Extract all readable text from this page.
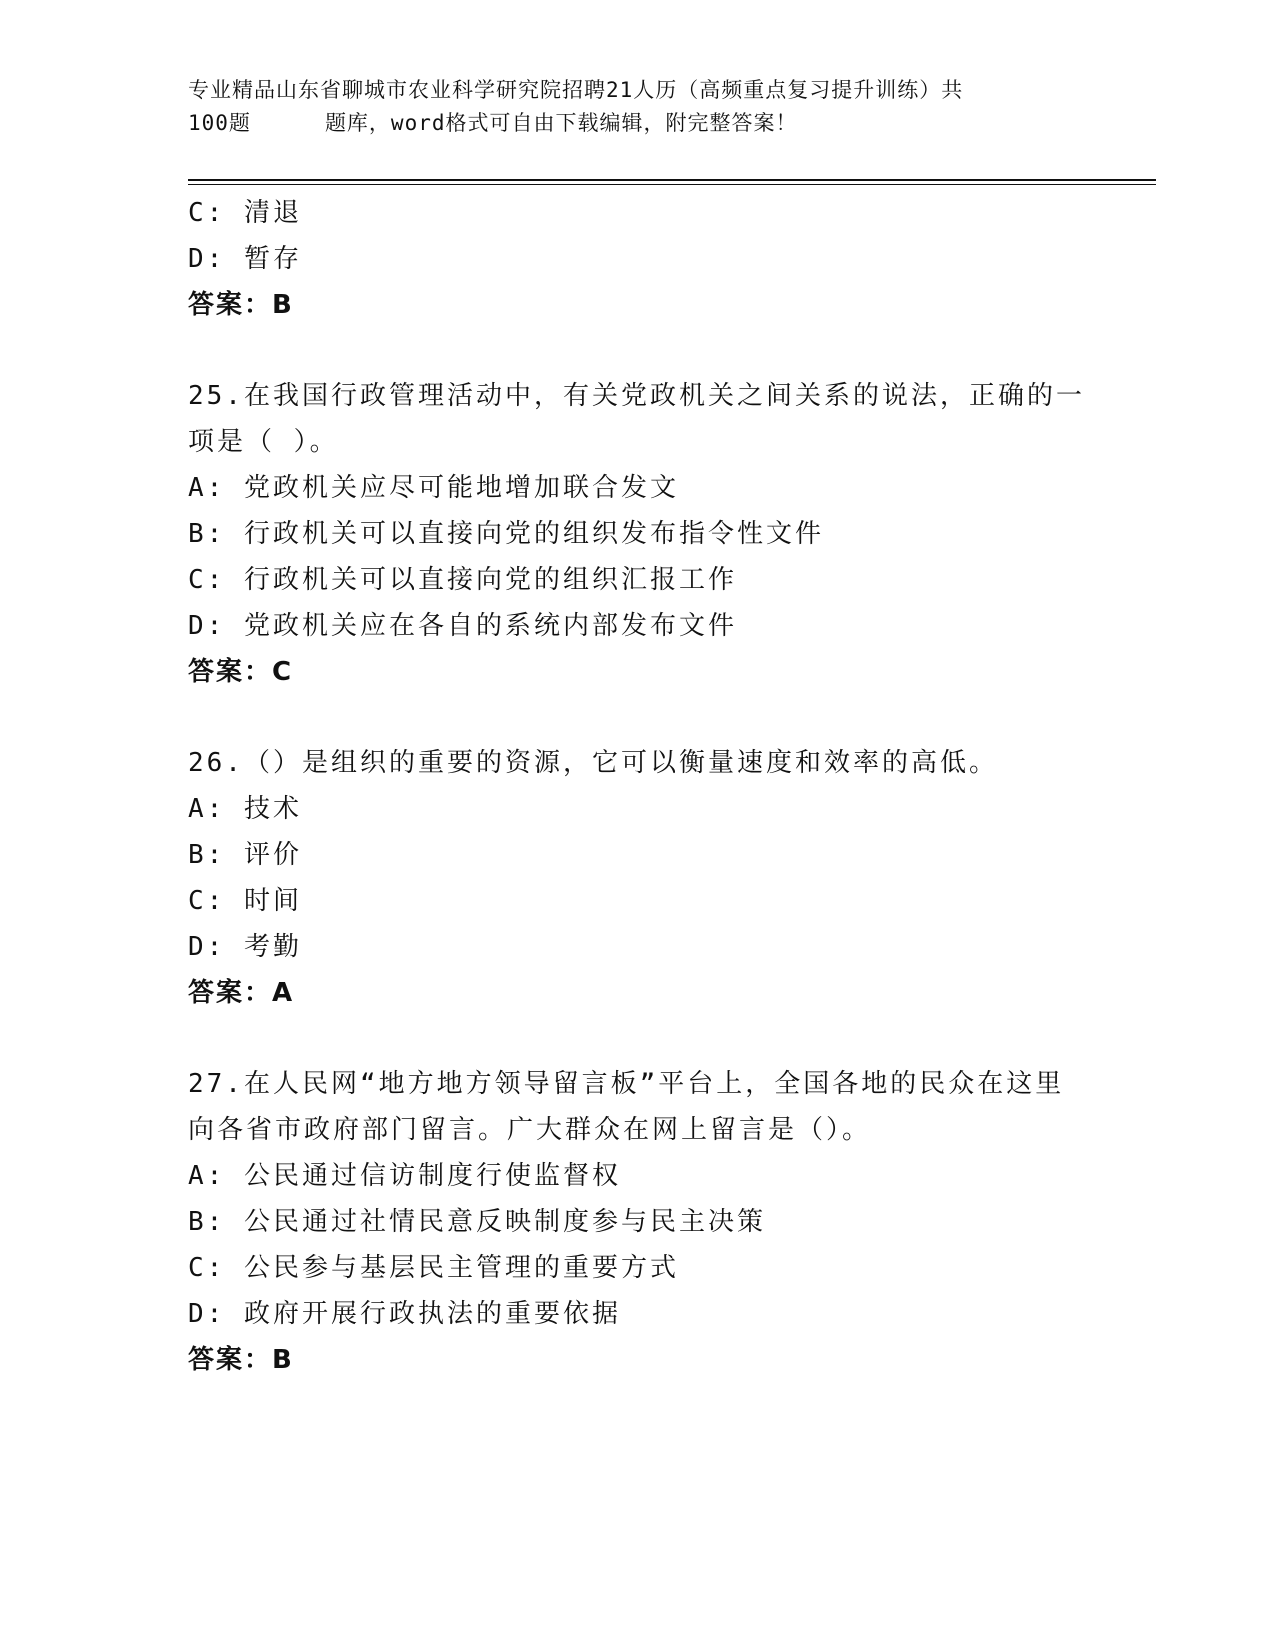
专业精品山东省聊城市农业科学研究院招聘21人历（高频重点复习提升训练）共
100题	题库，word格式可自由下载编辑，附完整答案！
C: 清退
D: 暂存
答案：B
25.在我国行政管理活动中，有关党政机关之间关系的说法，正确的一
项是（ ）。
A: 党政机关应尽可能地增加联合发文
B: 行政机关可以直接向党的组织发布指令性文件
C: 行政机关可以直接向党的组织汇报工作
D: 党政机关应在各自的系统内部发布文件
答案：C
26.（）是组织的重要的资源，它可以衡量速度和效率的高低。
A: 技术
B: 评价
C: 时间
D: 考勤
答案：A
27.在人民网“地方地方领导留言板”平台上，全国各地的民众在这里
向各省市政府部门留言。广大群众在网上留言是（）。
A: 公民通过信访制度行使监督权
B: 公民通过社情民意反映制度参与民主决策
C: 公民参与基层民主管理的重要方式
D: 政府开展行政执法的重要依据
答案：B
